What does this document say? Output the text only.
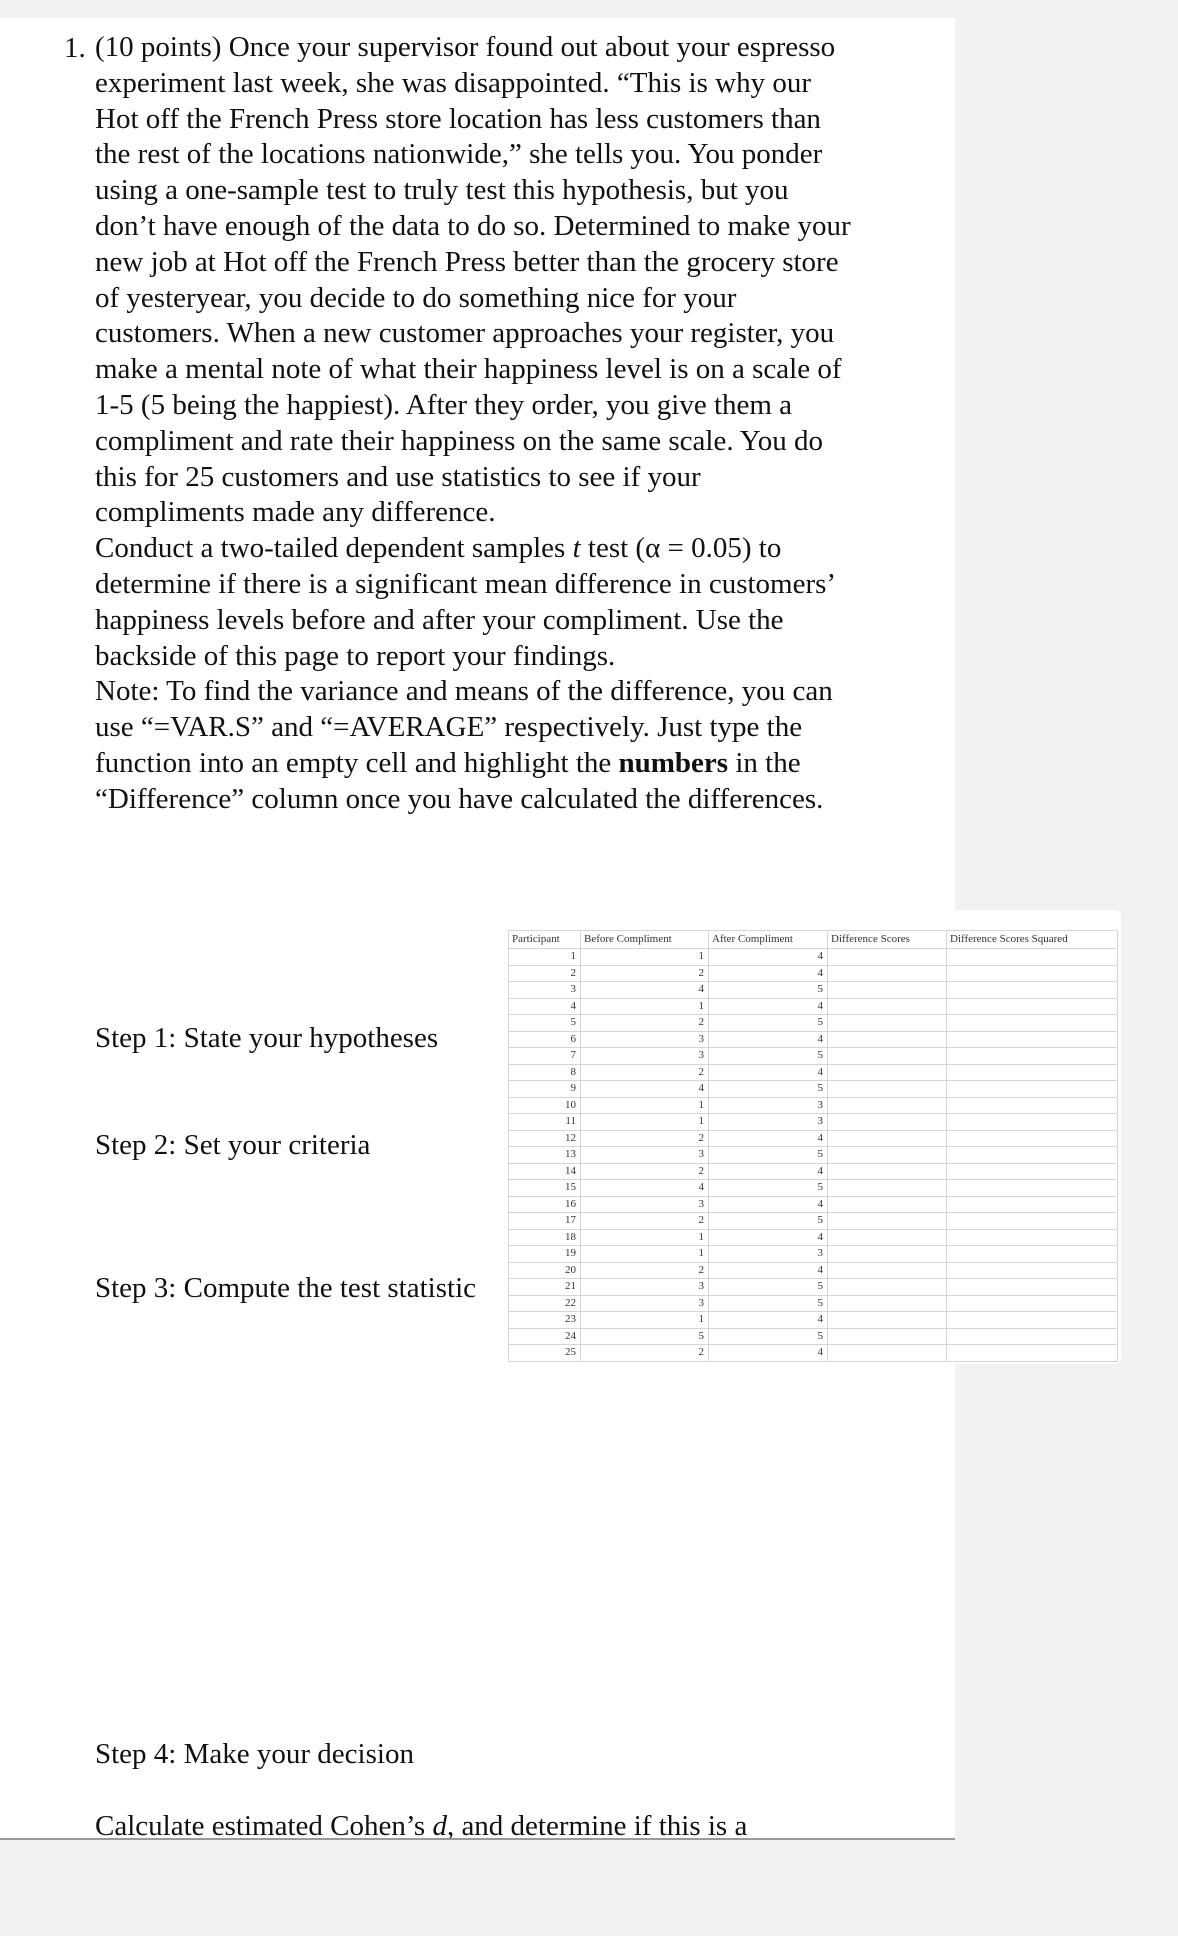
1. (10 points) Once your supervisor found out about your espresso experiment last week, she was disappointed. “This is why our Hot off the French Press store location has less customers than the rest of the locations nationwide,” she tells you. You ponder using a one-sample test to truly test this hypothesis, but you don’t have enough of the data to do so. Determined to make your new job at Hot off the French Press better than the grocery store of yesteryear, you decide to do something nice for your customers. When a new customer approaches your register, you make a mental note of what their happiness level is on a scale of 1-5 (5 being the happiest). After they order, you give them a compliment and rate their happiness on the same scale. You do this for 25 customers and use statistics to see if your compliments made any difference.

Conduct a two-tailed dependent samples t test (α = 0.05) to determine if there is a significant mean difference in customers’ happiness levels before and after your compliment. Use the backside of this page to report your findings.

Note: To find the variance and means of the difference, you can use “=VAR.S” and “=AVERAGE” respectively. Just type the function into an empty cell and highlight the numbers in the “Difference” column once you have calculated the differences.

Step 1: State your hypotheses
Step 2: Set your criteria
Step 3: Compute the test statistic
Step 4: Make your decision
Calculate estimated Cohen’s d, and determine if this is a
Participant	Before Compliment	After Compliment	Difference Scores	Difference Scores Squared
1	1	4		
2	2	4		
3	4	5		
4	1	4		
5	2	5		
6	3	4		
7	3	5		
8	2	4		
9	4	5		
10	1	3		
11	1	3		
12	2	4		
13	3	5		
14	2	4		
15	4	5		
16	3	4		
17	2	5		
18	1	4		
19	1	3		
20	2	4		
21	3	5		
22	3	5		
23	1	4		
24	5	5		
25	2	4		
